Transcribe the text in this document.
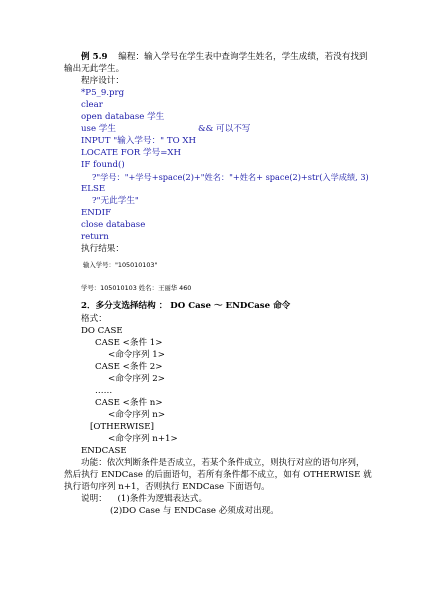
例 5.9 编程：输入学号在学生表中查询学生姓名，学生成绩，若没有找到
输出无此学生。
程序设计：
*P5_9.prg
clear
open database 学生
use 学生	&& 可以不写
INPUT "输入学号：" TO XH
LOCATE FOR 学号=XH
IF found()
?"学号："+学号+space(2)+"姓名："+姓名+ space(2)+str(入学成绩, 3)
ELSE
?"无此学生"
ENDIF
close database
return
执行结果：
输入学号："105010103"
学号：105010103 姓名：王丽华 460
2．多分支选择结构 ： DO Case ～ ENDCase 命令
格式：
DO CASE
CASE <条件 1>
<命令序列 1>
CASE <条件 2>
<命令序列 2>
……
CASE <条件 n>
<命令序列 n>
[OTHERWISE]
<命令序列 n+1>
ENDCASE
功能：依次判断条件是否成立，若某个条件成立，则执行对应的语句序列，
然后执行 ENDCase 的后面语句，若所有条件都不成立，如有 OTHERWISE 就
执行语句序列 n+1，否则执行 ENDCase 下面语句。
说明： (1)条件为逻辑表达式。
(2)DO Case 与 ENDCase 必须成对出现。
